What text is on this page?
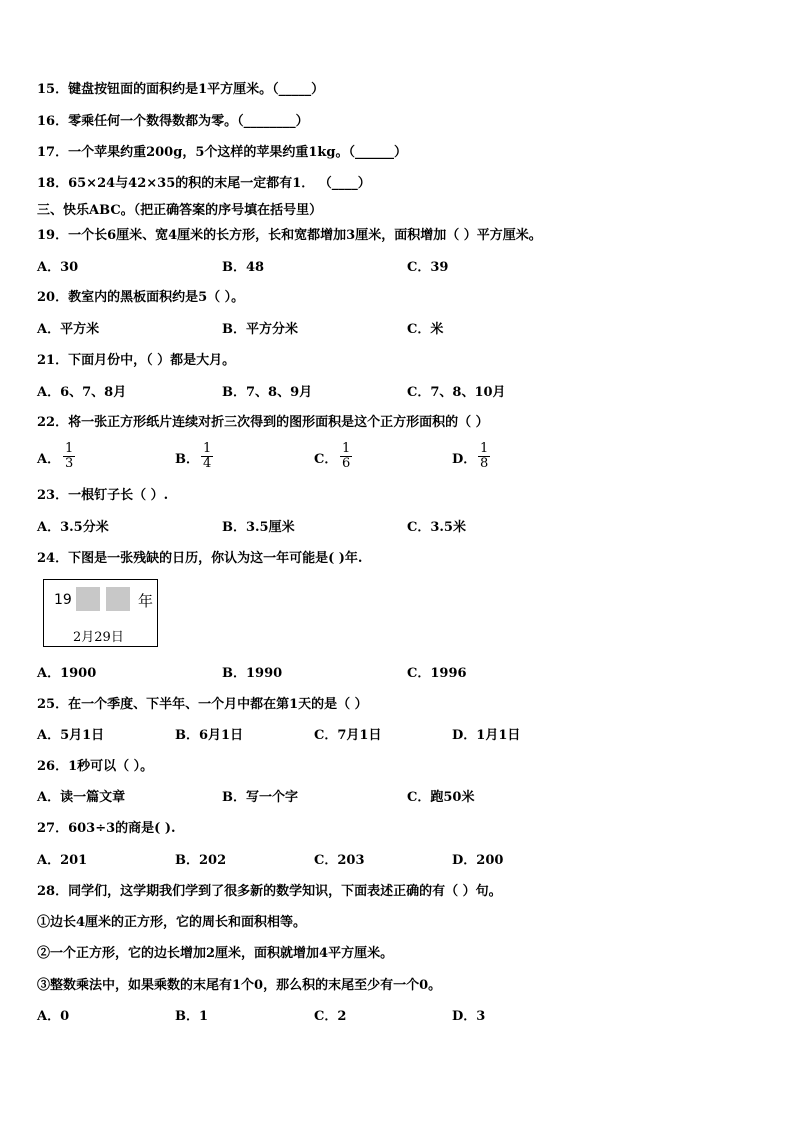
15．键盘按钮面的面积约是1平方厘米。（_____）
16．零乘任何一个数得数都为零。（________）
17．一个苹果约重200g，5个这样的苹果约重1kg。（______）
18．65×24与42×35的积的末尾一定都有1． （____）
三、快乐ABC。（把正确答案的序号填在括号里）
19．一个长6厘米、宽4厘米的长方形，长和宽都增加3厘米，面积增加（ ）平方厘米。
A．30	B．48	C．39
20．教室内的黑板面积约是5（ ）。
A．平方米	B．平方分米	C．米
21．下面月份中，（ ）都是大月。
A．6、7、8月	B．7、8、9月	C．7、8、10月
22．将一张正方形纸片连续对折三次得到的图形面积是这个正方形面积的（ ）
A． $\frac{1}{3}$	B． $\frac{1}{4}$	C． $\frac{1}{6}$	D． $\frac{1}{8}$
23．一根钉子长（ ）.
A．3.5分米	B．3.5厘米	C．3.5米
24．下图是一张残缺的日历，你认为这一年可能是( )年.
19	年
2月29日
A．1900	B．1990	C．1996
25．在一个季度、下半年、一个月中都在第1天的是（ ）
A．5月1日	B．6月1日	C．7月1日	D．1月1日
26．1秒可以（ ）。
A．读一篇文章	B．写一个字	C．跑50米
27．603÷3的商是( ).
A．201	B．202	C．203	D．200
28．同学们，这学期我们学到了很多新的数学知识，下面表述正确的有（ ）句。
①边长4厘米的正方形，它的周长和面积相等。
②一个正方形，它的边长增加2厘米，面积就增加4平方厘米。
③整数乘法中，如果乘数的末尾有1个0，那么积的末尾至少有一个0。
A．0	B．1	C．2	D．3
